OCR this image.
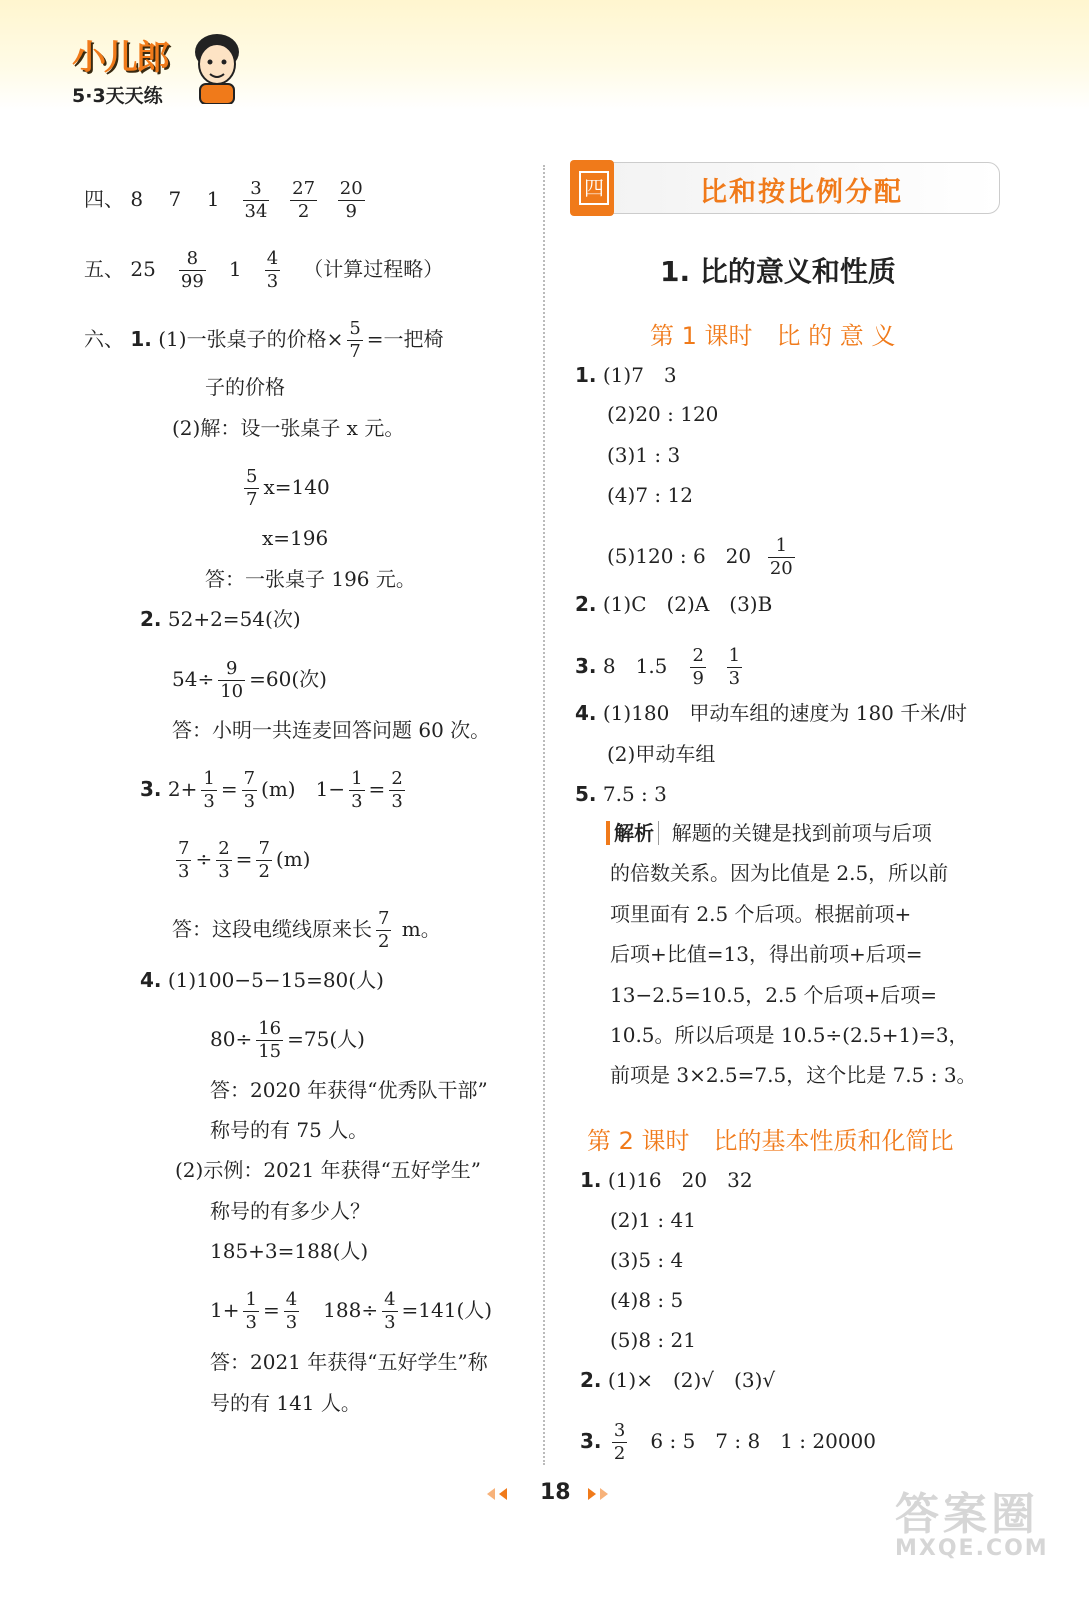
小儿郎
5·3天天练
四、 8 7 $1 \frac{3}{34}$
$\frac{27}{2}$
$\frac{20}{9}$
五、 $25 \frac{8}{99} 1 \frac{4}{3}$ （计算过程略）
六、 1. (1)一张桌子的价格× $\frac{5}{7}$ =一把椅
子的价格
(2)解：设一张桌子 x 元。
$\frac{5}{7} x=140$
x=196
答：一张桌子 196 元。
2. 52+2=54(次)
$54\div \frac{9}{10} =60$(次)
答：小明一共连麦回答问题 60 次。
3. $2+ \frac{1}{3} = \frac{7}{3} (m)$　$1- \frac{1}{3} = \frac{2}{3}$
$\frac{7}{3} \div \frac{2}{3} = \frac{7}{2} (m)$
答：这段电缆线原来长 $\frac{7}{2}$ m。
4. (1)100−5−15=80(人)
$80\div \frac{16}{15} =75$(人)
答：2020 年获得“优秀队干部”
称号的有 75 人。
(2)示例：2021 年获得“五好学生”
称号的有多少人？
185+3=188(人)
$1+ \frac{1}{3} = \frac{4}{3}$ 　$188\div \frac{4}{3} =141$(人)
答：2021 年获得“五好学生”称
号的有 141 人。
四	比和按比例分配
1. 比的意义和性质
第 1 课时　比 的 意 义
1. (1)7　3
(2)20 : 120
(3)1 : 3
(4)7 : 12
(5)120 : 6　$20 \frac{1}{20}$
2. (1)C　(2)A　(3)B
3. 8　$1.5 \frac{2}{9}$
$\frac{1}{3}$
4. (1)180　甲动车组的速度为 180 千米/时
(2)甲动车组
5. 7.5 : 3
解析 解题的关键是找到前项与后项
的倍数关系。因为比值是 2.5，所以前
项里面有 2.5 个后项。根据前项+
后项+比值=13，得出前项+后项=
13−2.5=10.5，2.5 个后项+后项=
10.5。所以后项是 10.5÷(2.5+1)=3，
前项是 3×2.5=7.5，这个比是 7.5 : 3。
第 2 课时　比的基本性质和化简比
1. (1)16　20　32
(2)1 : 41
(3)5 : 4
(4)8 : 5
(5)8 : 21
2. (1)×　(2)√　(3)√
3. $\frac{3}{2} 6$ : 5　7 : 8　1 : 20000
18	答案圈
MXQE.COM
